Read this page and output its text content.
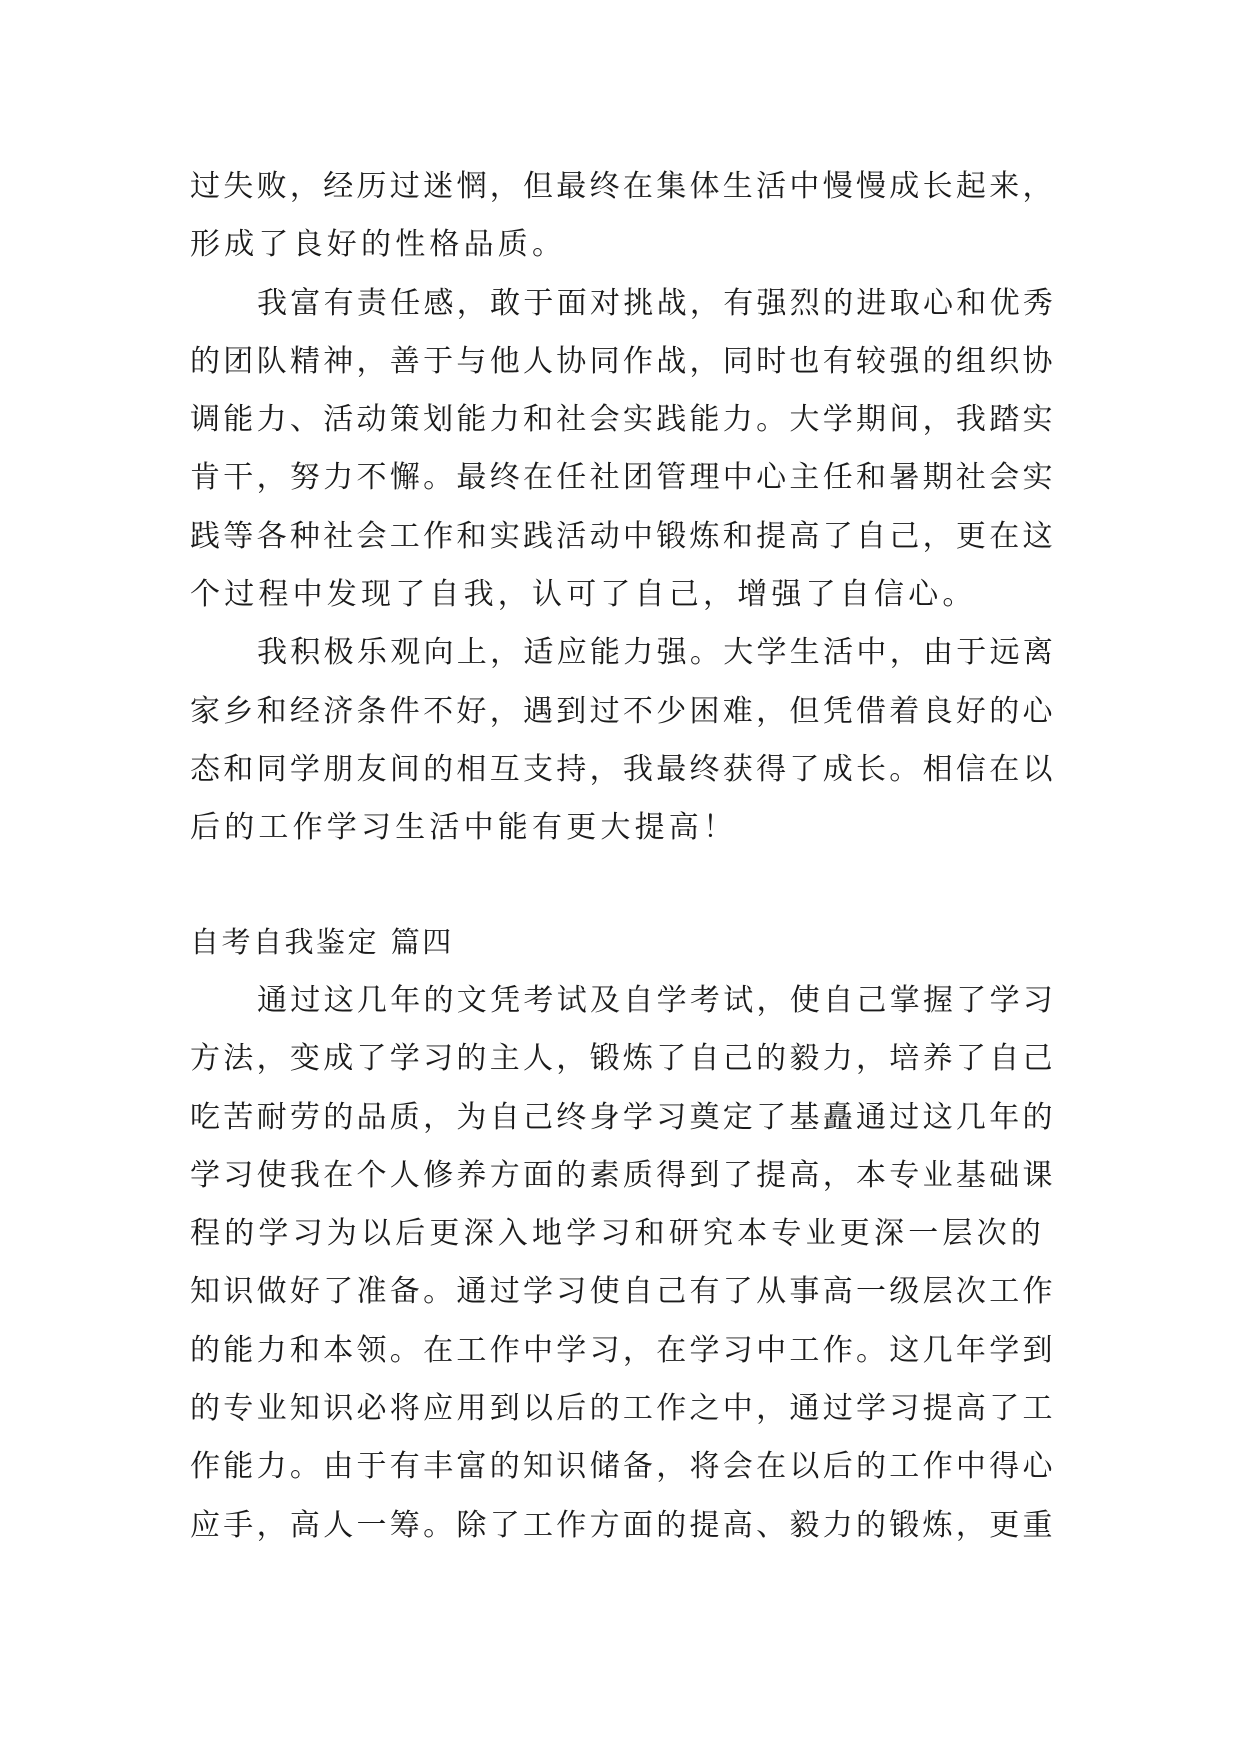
过失败，经历过迷惘，但最终在集体生活中慢慢成长起来，
形成了良好的性格品质。
我富有责任感，敢于面对挑战，有强烈的进取心和优秀
的团队精神，善于与他人协同作战，同时也有较强的组织协
调能力、活动策划能力和社会实践能力。大学期间，我踏实
肯干，努力不懈。最终在任社团管理中心主任和暑期社会实
践等各种社会工作和实践活动中锻炼和提高了自己，更在这
个过程中发现了自我，认可了自己，增强了自信心。
我积极乐观向上，适应能力强。大学生活中，由于远离
家乡和经济条件不好，遇到过不少困难，但凭借着良好的心
态和同学朋友间的相互支持，我最终获得了成长。相信在以
后的工作学习生活中能有更大提高！
自考自我鉴定 篇四
通过这几年的文凭考试及自学考试，使自己掌握了学习
方法，变成了学习的主人，锻炼了自己的毅力，培养了自己
吃苦耐劳的品质，为自己终身学习奠定了基矗通过这几年的
学习使我在个人修养方面的素质得到了提高，本专业基础课
程的学习为以后更深入地学习和研究本专业更深一层次的
知识做好了准备。通过学习使自己有了从事高一级层次工作
的能力和本领。在工作中学习，在学习中工作。这几年学到
的专业知识必将应用到以后的工作之中，通过学习提高了工
作能力。由于有丰富的知识储备，将会在以后的工作中得心
应手，高人一筹。除了工作方面的提高、毅力的锻炼，更重
